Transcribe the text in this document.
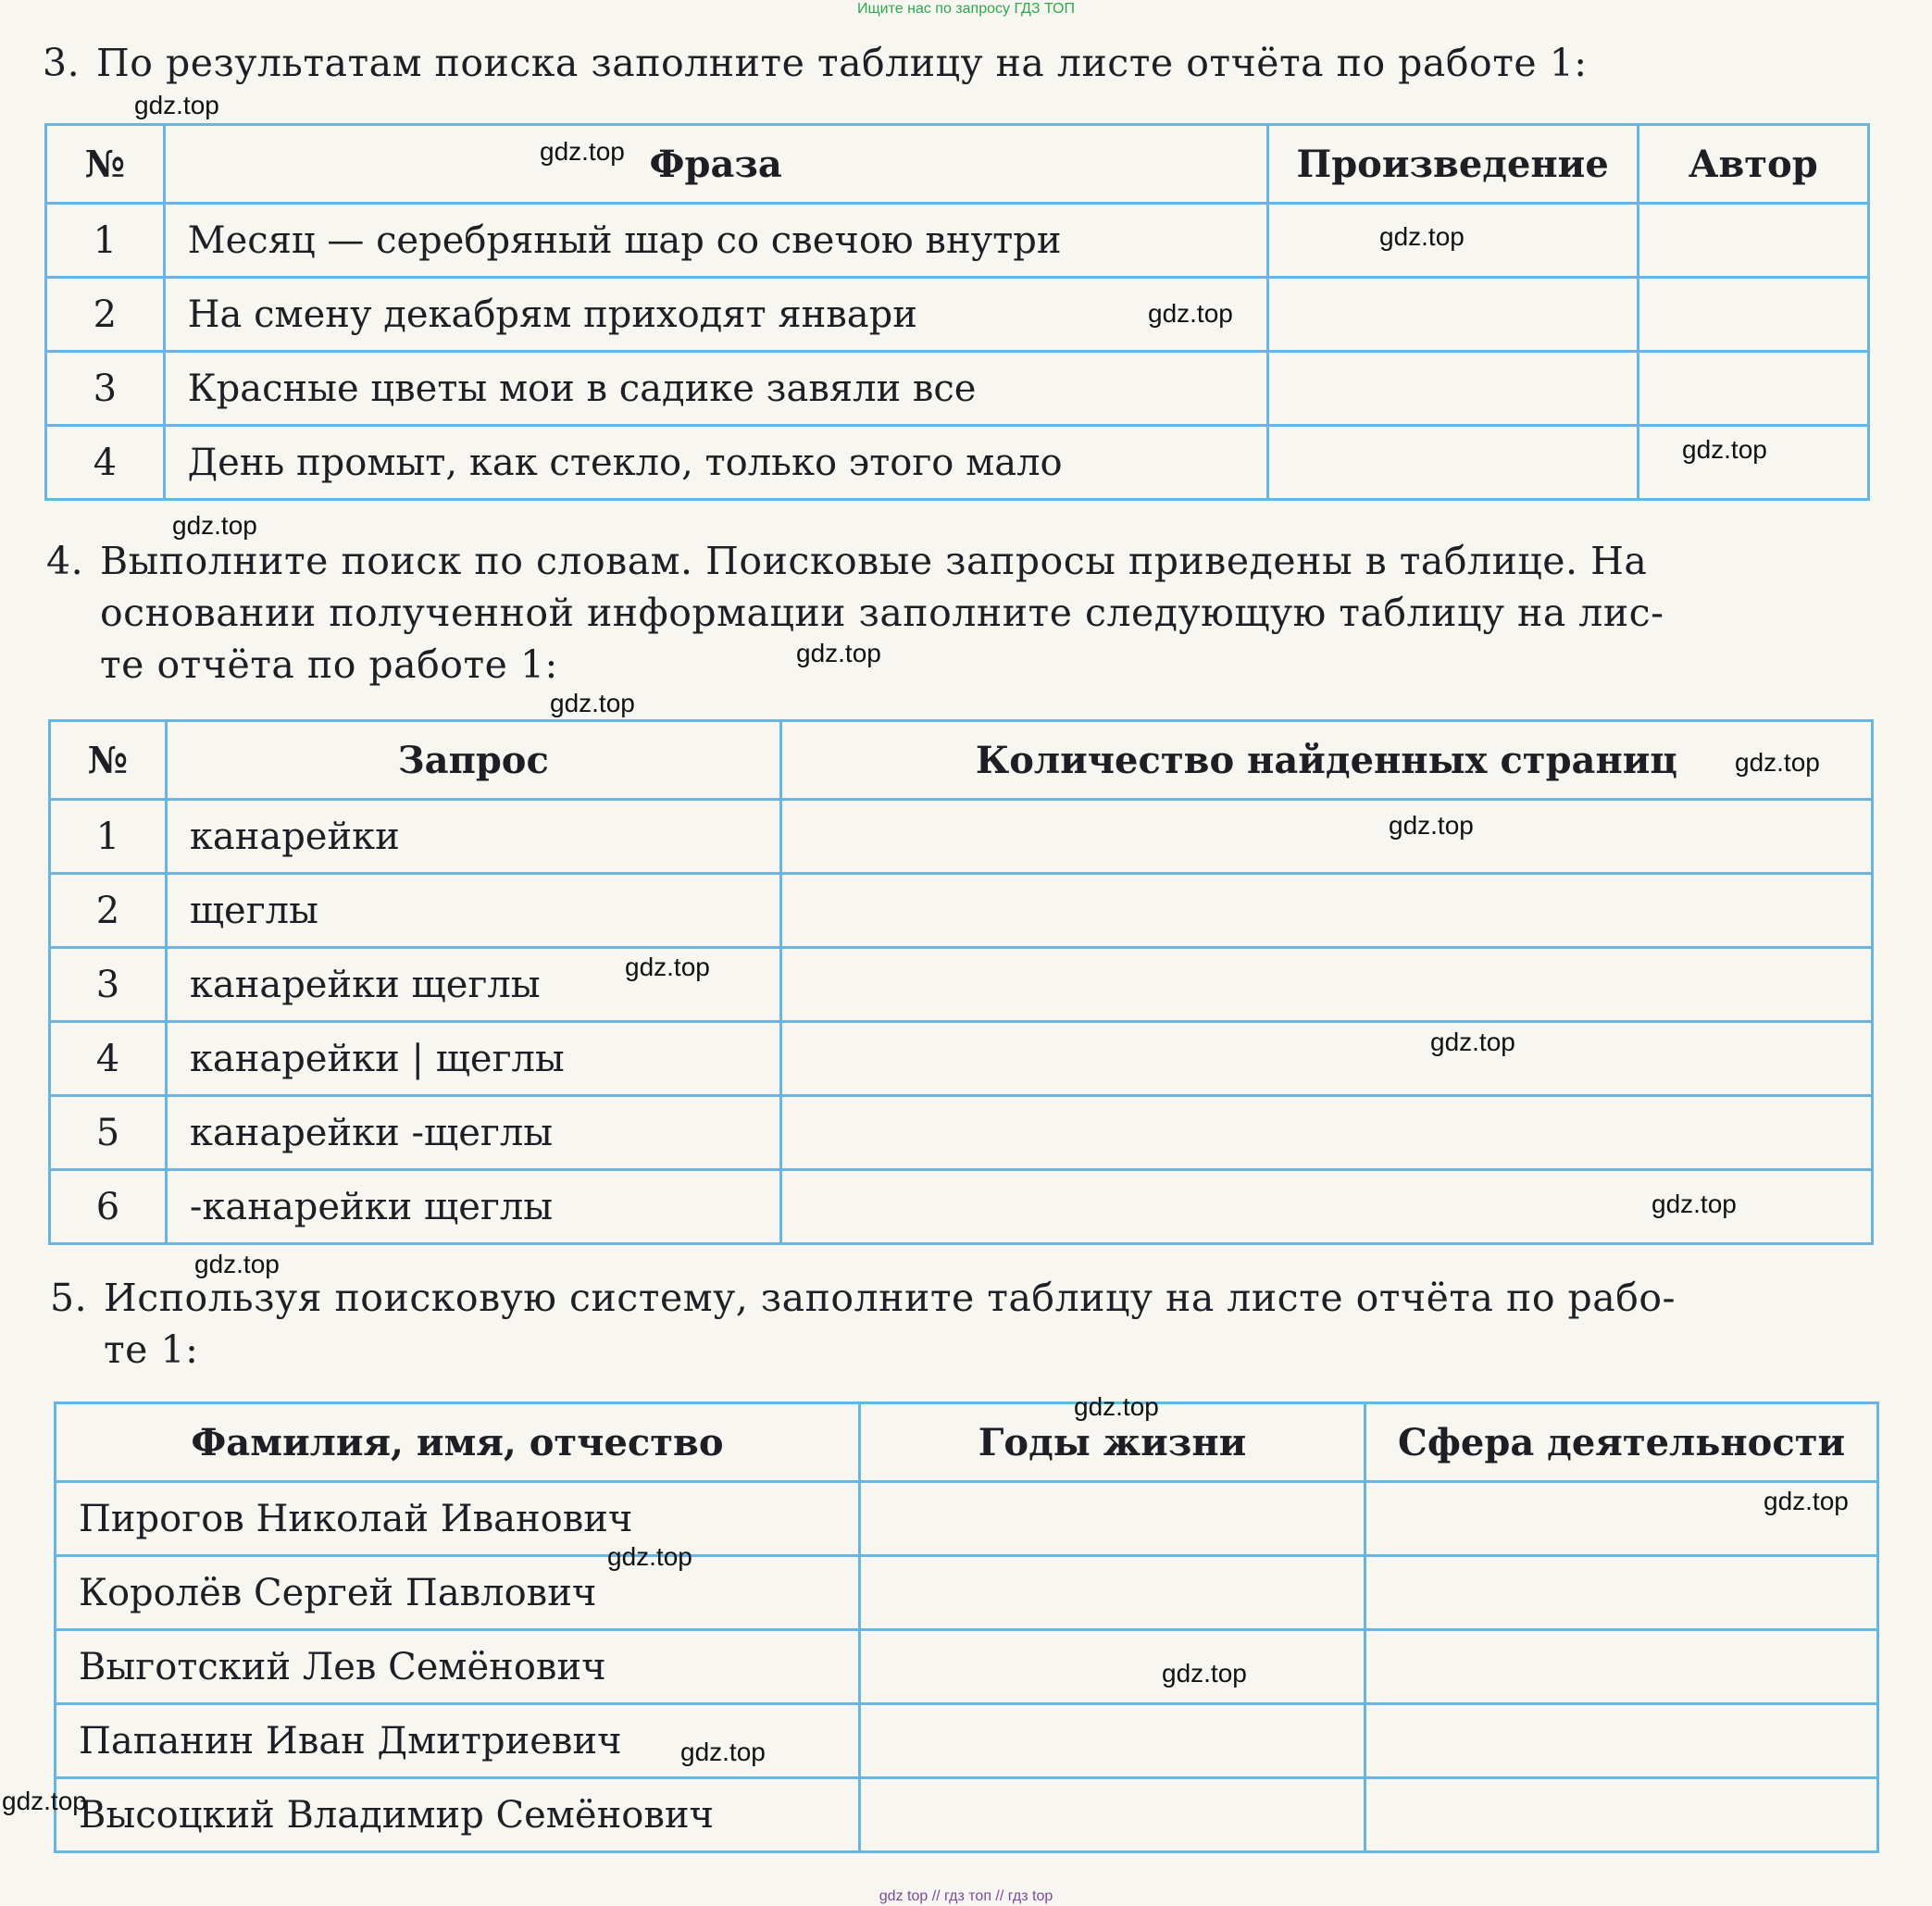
Ищите нас по запросу ГДЗ ТОП
3. По результатам поиска заполните таблицу на листе отчёта по работе 1:
№	Фраза	Произведение	Автор
1	Месяц — серебряный шар со свечою внутри		
2	На смену декабрям приходят январи		
3	Красные цветы мои в садике завяли все		
4	День промыт, как стекло, только этого мало		
4. Выполните поиск по словам. Поисковые запросы приведены в таблице. На
основании полученной информации заполните следующую таблицу на лис-
те отчёта по работе 1:
№	Запрос	Количество найденных страниц
1	канарейки	
2	щеглы	
3	канарейки щеглы	
4	канарейки | щеглы	
5	канарейки -щеглы	
6	-канарейки щеглы	
5. Используя поисковую систему, заполните таблицу на листе отчёта по рабо-
те 1:
Фамилия, имя, отчество	Годы жизни	Сфера деятельности
Пирогов Николай Иванович		
Королёв Сергей Павлович		
Выготский Лев Семёнович		
Папанин Иван Дмитриевич		
Высоцкий Владимир Семёнович		
gdz.top
gdz.top
gdz.top
gdz.top
gdz.top
gdz.top
gdz.top
gdz.top
gdz.top
gdz.top
gdz.top
gdz.top
gdz.top
gdz.top
gdz.top
gdz.top
gdz.top
gdz.top
gdz.top
gdz.top
gdz top // гдз топ // гдз top
